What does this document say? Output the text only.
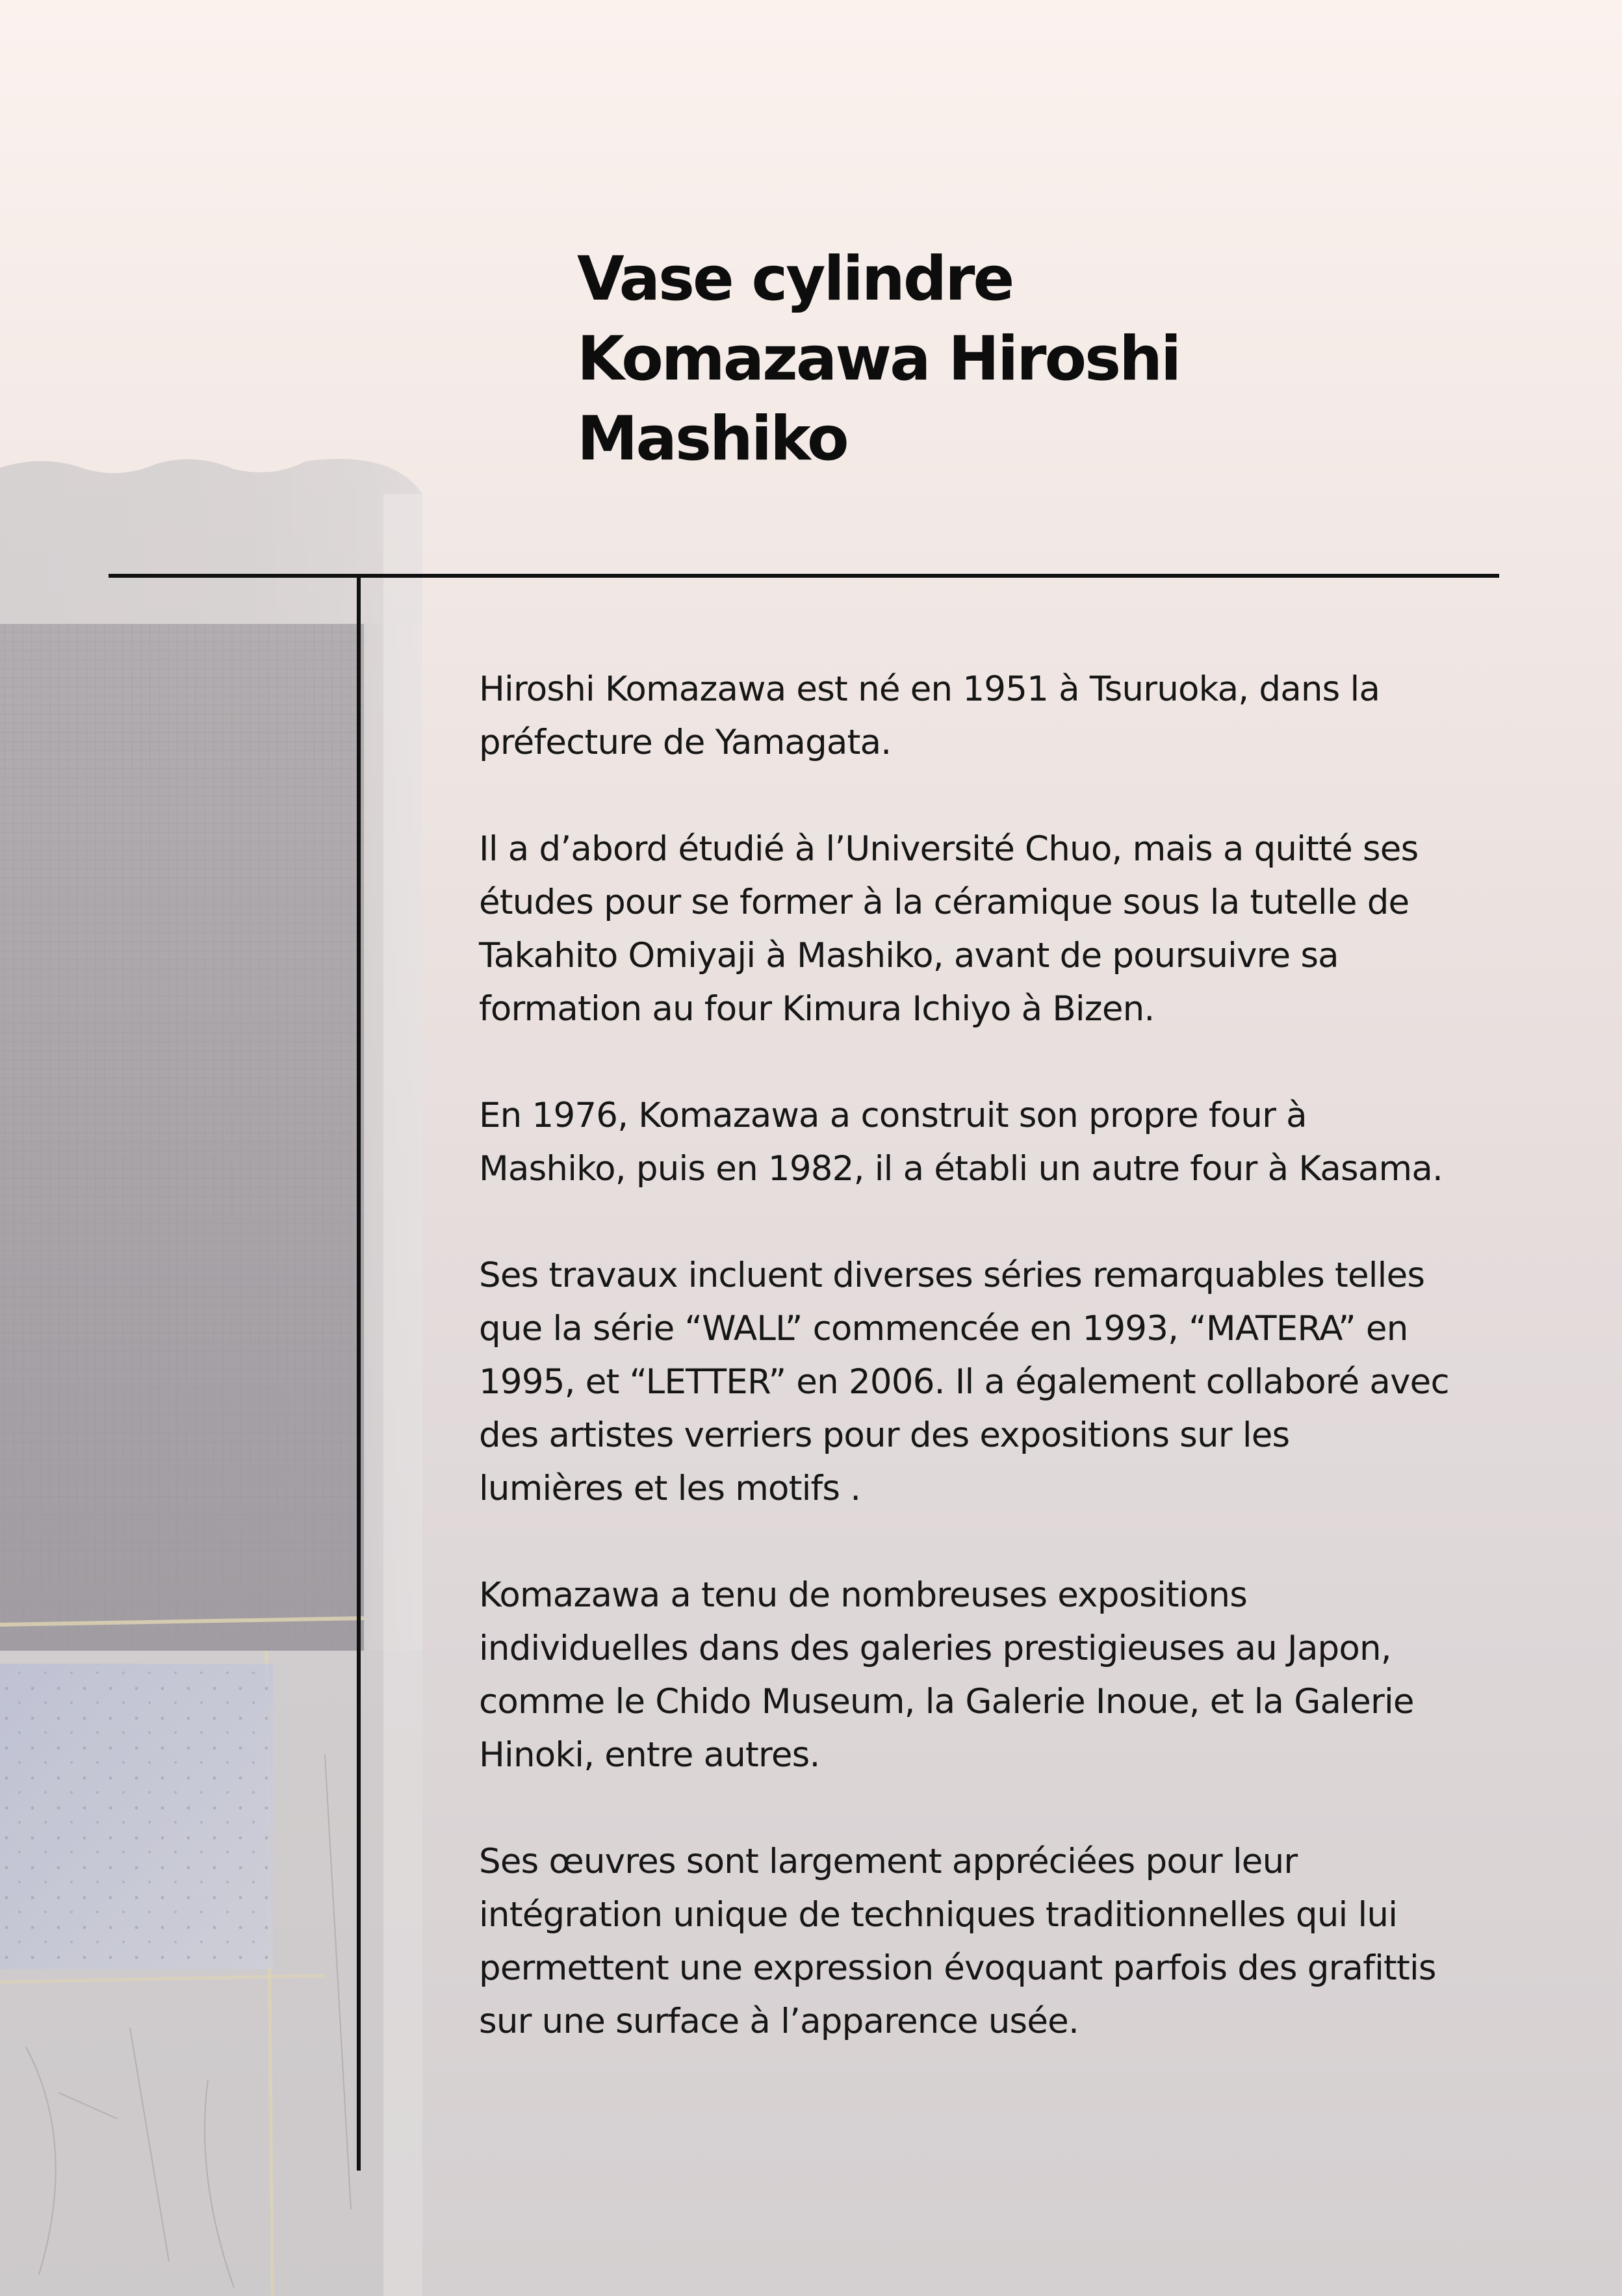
Vase cylindre
Komazawa Hiroshi
Mashiko

Hiroshi Komazawa est né en 1951 à Tsuruoka, dans la
préfecture de Yamagata.

Il a d’abord étudié à l’Université Chuo, mais a quitté ses
études pour se former à la céramique sous la tutelle de
Takahito Omiyaji à Mashiko, avant de poursuivre sa
formation au four Kimura Ichiyo à Bizen.

En 1976, Komazawa a construit son propre four à
Mashiko, puis en 1982, il a établi un autre four à Kasama.

Ses travaux incluent diverses séries remarquables telles
que la série “WALL” commencée en 1993, “MATERA” en
1995, et “LETTER” en 2006. Il a également collaboré avec
des artistes verriers pour des expositions sur les
lumières et les motifs .

Komazawa a tenu de nombreuses expositions
individuelles dans des galeries prestigieuses au Japon,
comme le Chido Museum, la Galerie Inoue, et la Galerie
Hinoki, entre autres.

Ses œuvres sont largement appréciées pour leur
intégration unique de techniques traditionnelles qui lui
permettent une expression évoquant parfois des grafittis
sur une surface à l’apparence usée.
